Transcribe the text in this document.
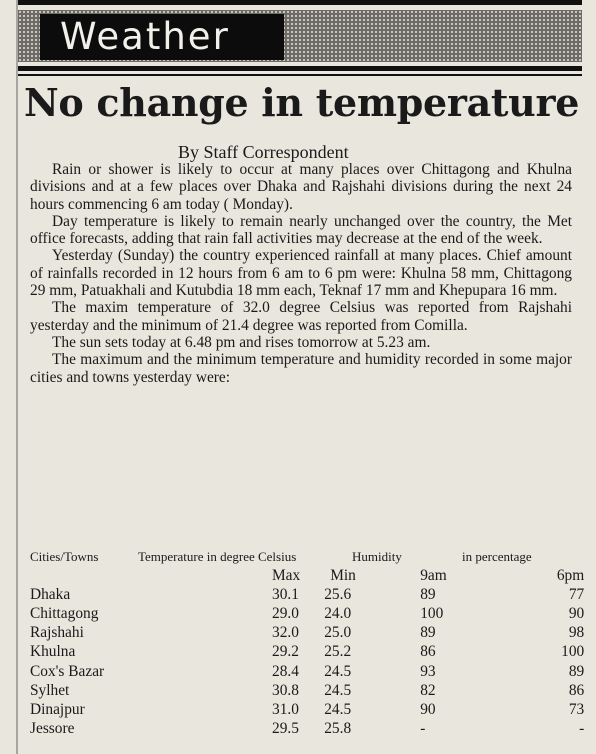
Weather
No change in temperature
By Staff Correspondent

Rain or shower is likely to occur at many places over Chittagong and Khulna divisions and at a few places over Dhaka and Rajshahi divisions during the next 24 hours commencing 6 am today ( Monday).

Day temperature is likely to remain nearly unchanged over the country, the Met office forecasts, adding that rain fall activities may decrease at the end of the week.

Yesterday (Sunday) the country experienced rainfall at many places. Chief amount of rainfalls recorded in 12 hours from 6 am to 6 pm were: Khulna 58 mm, Chittagong 29 mm, Patuakhali and Kutubdia 18 mm each, Teknaf 17 mm and Khepupara 16 mm.

The maxim temperature of 32.0 degree Celsius was reported from Rajshahi yesterday and the minimum of 21.4 degree was reported from Comilla.

The sun sets today at 6.48 pm and rises tomorrow at 5.23 am.

The maximum and the minimum temperature and humidity recorded in some major cities and towns yesterday were:

Cities/Towns	Temperature in degree Celsius	Humidity	in percentage
	Max	Min	9am	6pm
Dhaka	30.1	25.6	89	77
Chittagong	29.0	24.0	100	90
Rajshahi	32.0	25.0	89	98
Khulna	29.2	25.2	86	100
Cox's Bazar	28.4	24.5	93	89
Sylhet	30.8	24.5	82	86
Dinajpur	31.0	24.5	90	73
Jessore	29.5	25.8	-	-
